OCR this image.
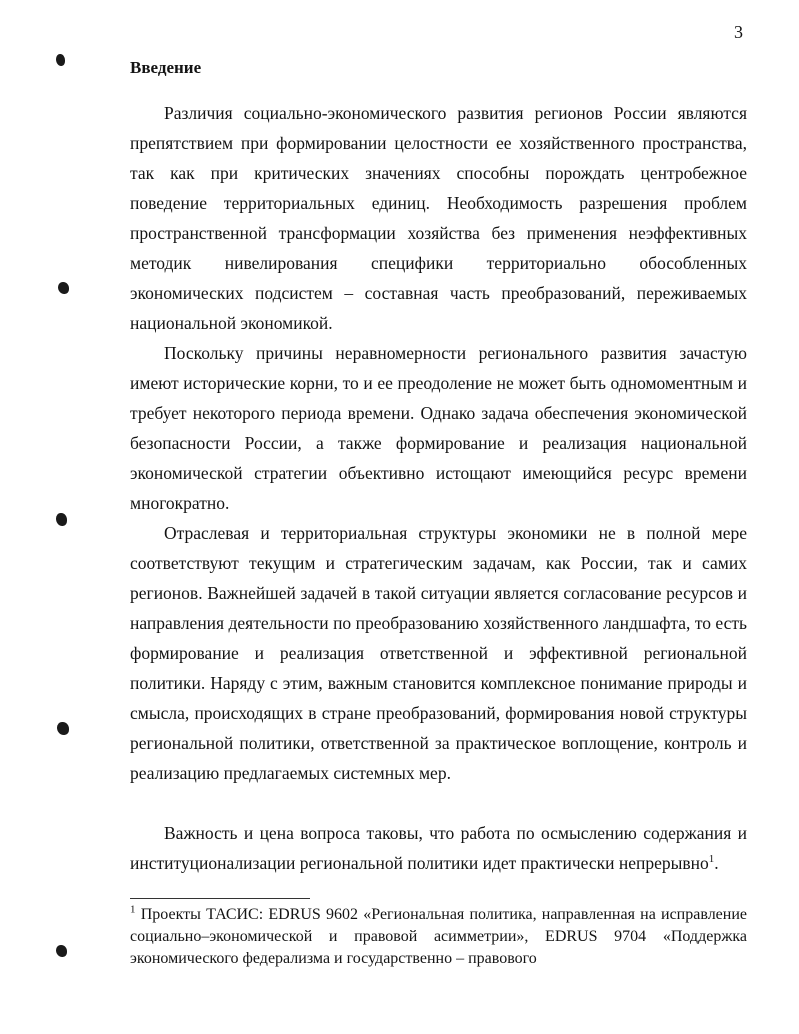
3
Введение

Различия социально-экономического развития регионов России являются препятствием при формировании целостности ее хозяйственного пространства, так как при критических значениях способны порождать центробежное поведение территориальных единиц. Необходимость разрешения проблем пространственной трансформации хозяйства без применения неэффективных методик нивелирования специфики территориально обособленных экономических подсистем – составная часть преобразований, переживаемых национальной экономикой.

Поскольку причины неравномерности регионального развития зачастую имеют исторические корни, то и ее преодоление не может быть одномоментным и требует некоторого периода времени. Однако задача обеспечения экономической безопасности России, а также формирование и реализация национальной экономической стратегии объективно истощают имеющийся ресурс времени многократно.

Отраслевая и территориальная структуры экономики не в полной мере соответствуют текущим и стратегическим задачам, как России, так и самих регионов. Важнейшей задачей в такой ситуации является согласование ресурсов и направления деятельности по преобразованию хозяйственного ландшафта, то есть формирование и реализация ответственной и эффективной региональной политики. Наряду с этим, важным становится комплексное понимание природы и смысла, происходящих в стране преобразований, формирования новой структуры региональной политики, ответственной за практическое воплощение, контроль и реализацию предлагаемых системных мер.

Важность и цена вопроса таковы, что работа по осмыслению содержания и институционализации региональной политики идет практически непрерывно$^1$.

$^1$ Проекты ТАСИС: EDRUS 9602 «Региональная политика, направленная на исправление социально–экономической и правовой асимметрии», EDRUS 9704 «Поддержка экономического федерализма и государственно – правового
